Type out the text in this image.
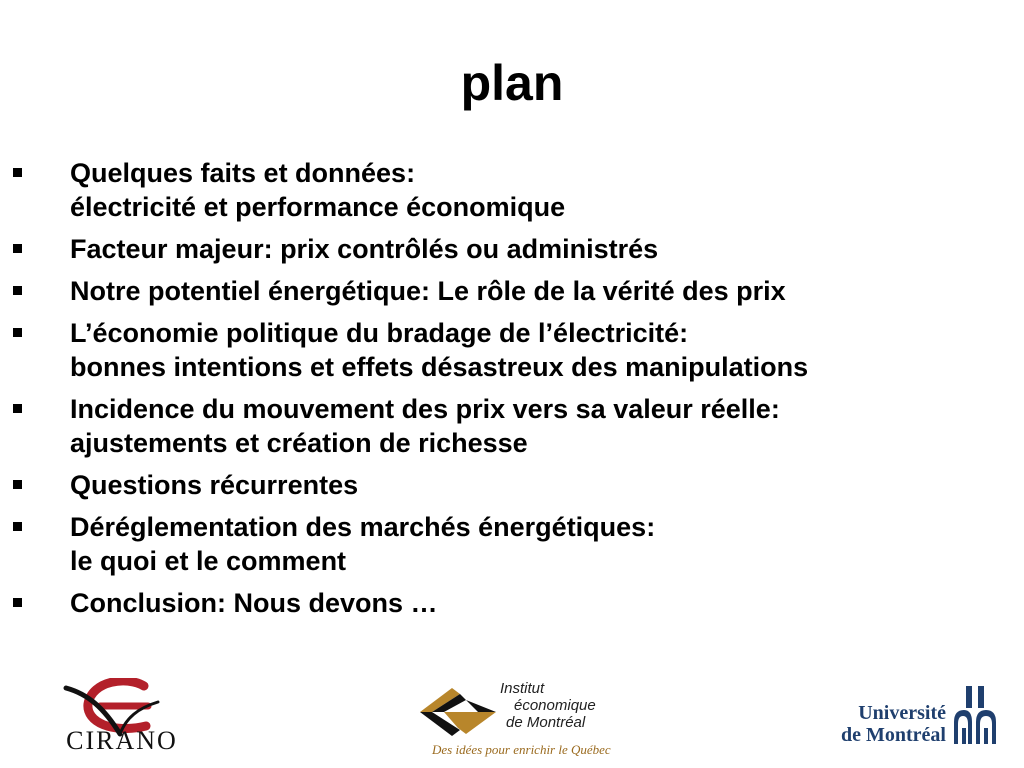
plan
Quelques faits et données:
électricité et performance économique
Facteur majeur: prix contrôlés ou administrés
Notre potentiel énergétique: Le rôle de la vérité des prix
L’économie politique du bradage de l’électricité:
bonnes intentions et effets désastreux des manipulations
Incidence du mouvement des prix vers sa valeur réelle:
ajustements et création de richesse
Questions récurrentes
Déréglementation des marchés énergétiques:
le quoi et le comment
Conclusion: Nous devons …
CIRANO
Institut
économique
de Montréal
Des idées pour enrichir le Québec
Université
de Montréal
